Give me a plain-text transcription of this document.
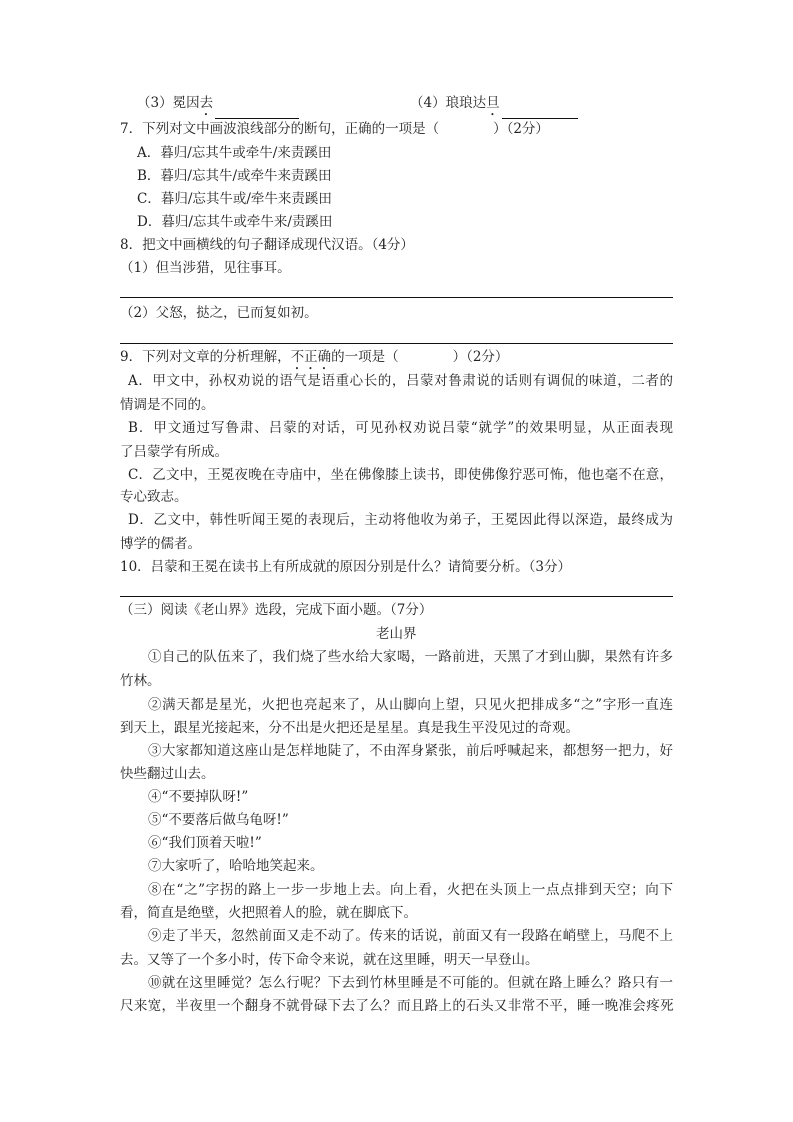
（3）冕因去	（4）琅琅达旦
7．下列对文中画波浪线部分的断句，正确的一项是（　　　　）（2分）
A．暮归/忘其牛或牵牛/来责蹊田
B．暮归/忘其牛/或牵牛来责蹊田
C．暮归/忘其牛或/牵牛来责蹊田
D．暮归/忘其牛或牵牛来/责蹊田
8．把文中画横线的句子翻译成现代汉语。（4分）
（1）但当涉猎，见往事耳。
（2）父怒，挞之，已而复如初。
9．下列对文章的分析理解，不正确的一项是（　　　　）（2分）
A．甲文中，孙权劝说的语气是语重心长的，吕蒙对鲁肃说的话则有调侃的味道，二者的
情调是不同的。
B．甲文通过写鲁肃、吕蒙的对话，可见孙权劝说吕蒙“就学”的效果明显，从正面表现
了吕蒙学有所成。
C．乙文中，王冕夜晚在寺庙中，坐在佛像膝上读书，即使佛像狞恶可怖，他也毫不在意，
专心致志。
D．乙文中，韩性听闻王冕的表现后，主动将他收为弟子，王冕因此得以深造，最终成为
博学的儒者。
10．吕蒙和王冕在读书上有所成就的原因分别是什么？请简要分析。（3分）
（三）阅读《老山界》选段，完成下面小题。（7分）
老山界
①自己的队伍来了，我们烧了些水给大家喝，一路前进，天黑了才到山脚，果然有许多
竹林。
②满天都是星光，火把也亮起来了，从山脚向上望，只见火把排成多“之”字形一直连
到天上，跟星光接起来，分不出是火把还是星星。真是我生平没见过的奇观。
③大家都知道这座山是怎样地陡了，不由浑身紧张，前后呼喊起来，都想努一把力，好
快些翻过山去。
④“不要掉队呀!”
⑤“不要落后做乌龟呀!”
⑥“我们顶着天啦!”
⑦大家听了，哈哈地笑起来。
⑧在“之”字拐的路上一步一步地上去。向上看，火把在头顶上一点点排到天空；向下
看，简直是绝壁，火把照着人的脸，就在脚底下。
⑨走了半天，忽然前面又走不动了。传来的话说，前面又有一段路在峭壁上，马爬不上
去。又等了一个多小时，传下命令来说，就在这里睡，明天一早登山。
⑩就在这里睡觉？怎么行呢？下去到竹林里睡是不可能的。但就在路上睡么？路只有一
尺来宽，半夜里一个翻身不就骨碌下去了么？而且路上的石头又非常不平，睡一晚准会疼死
